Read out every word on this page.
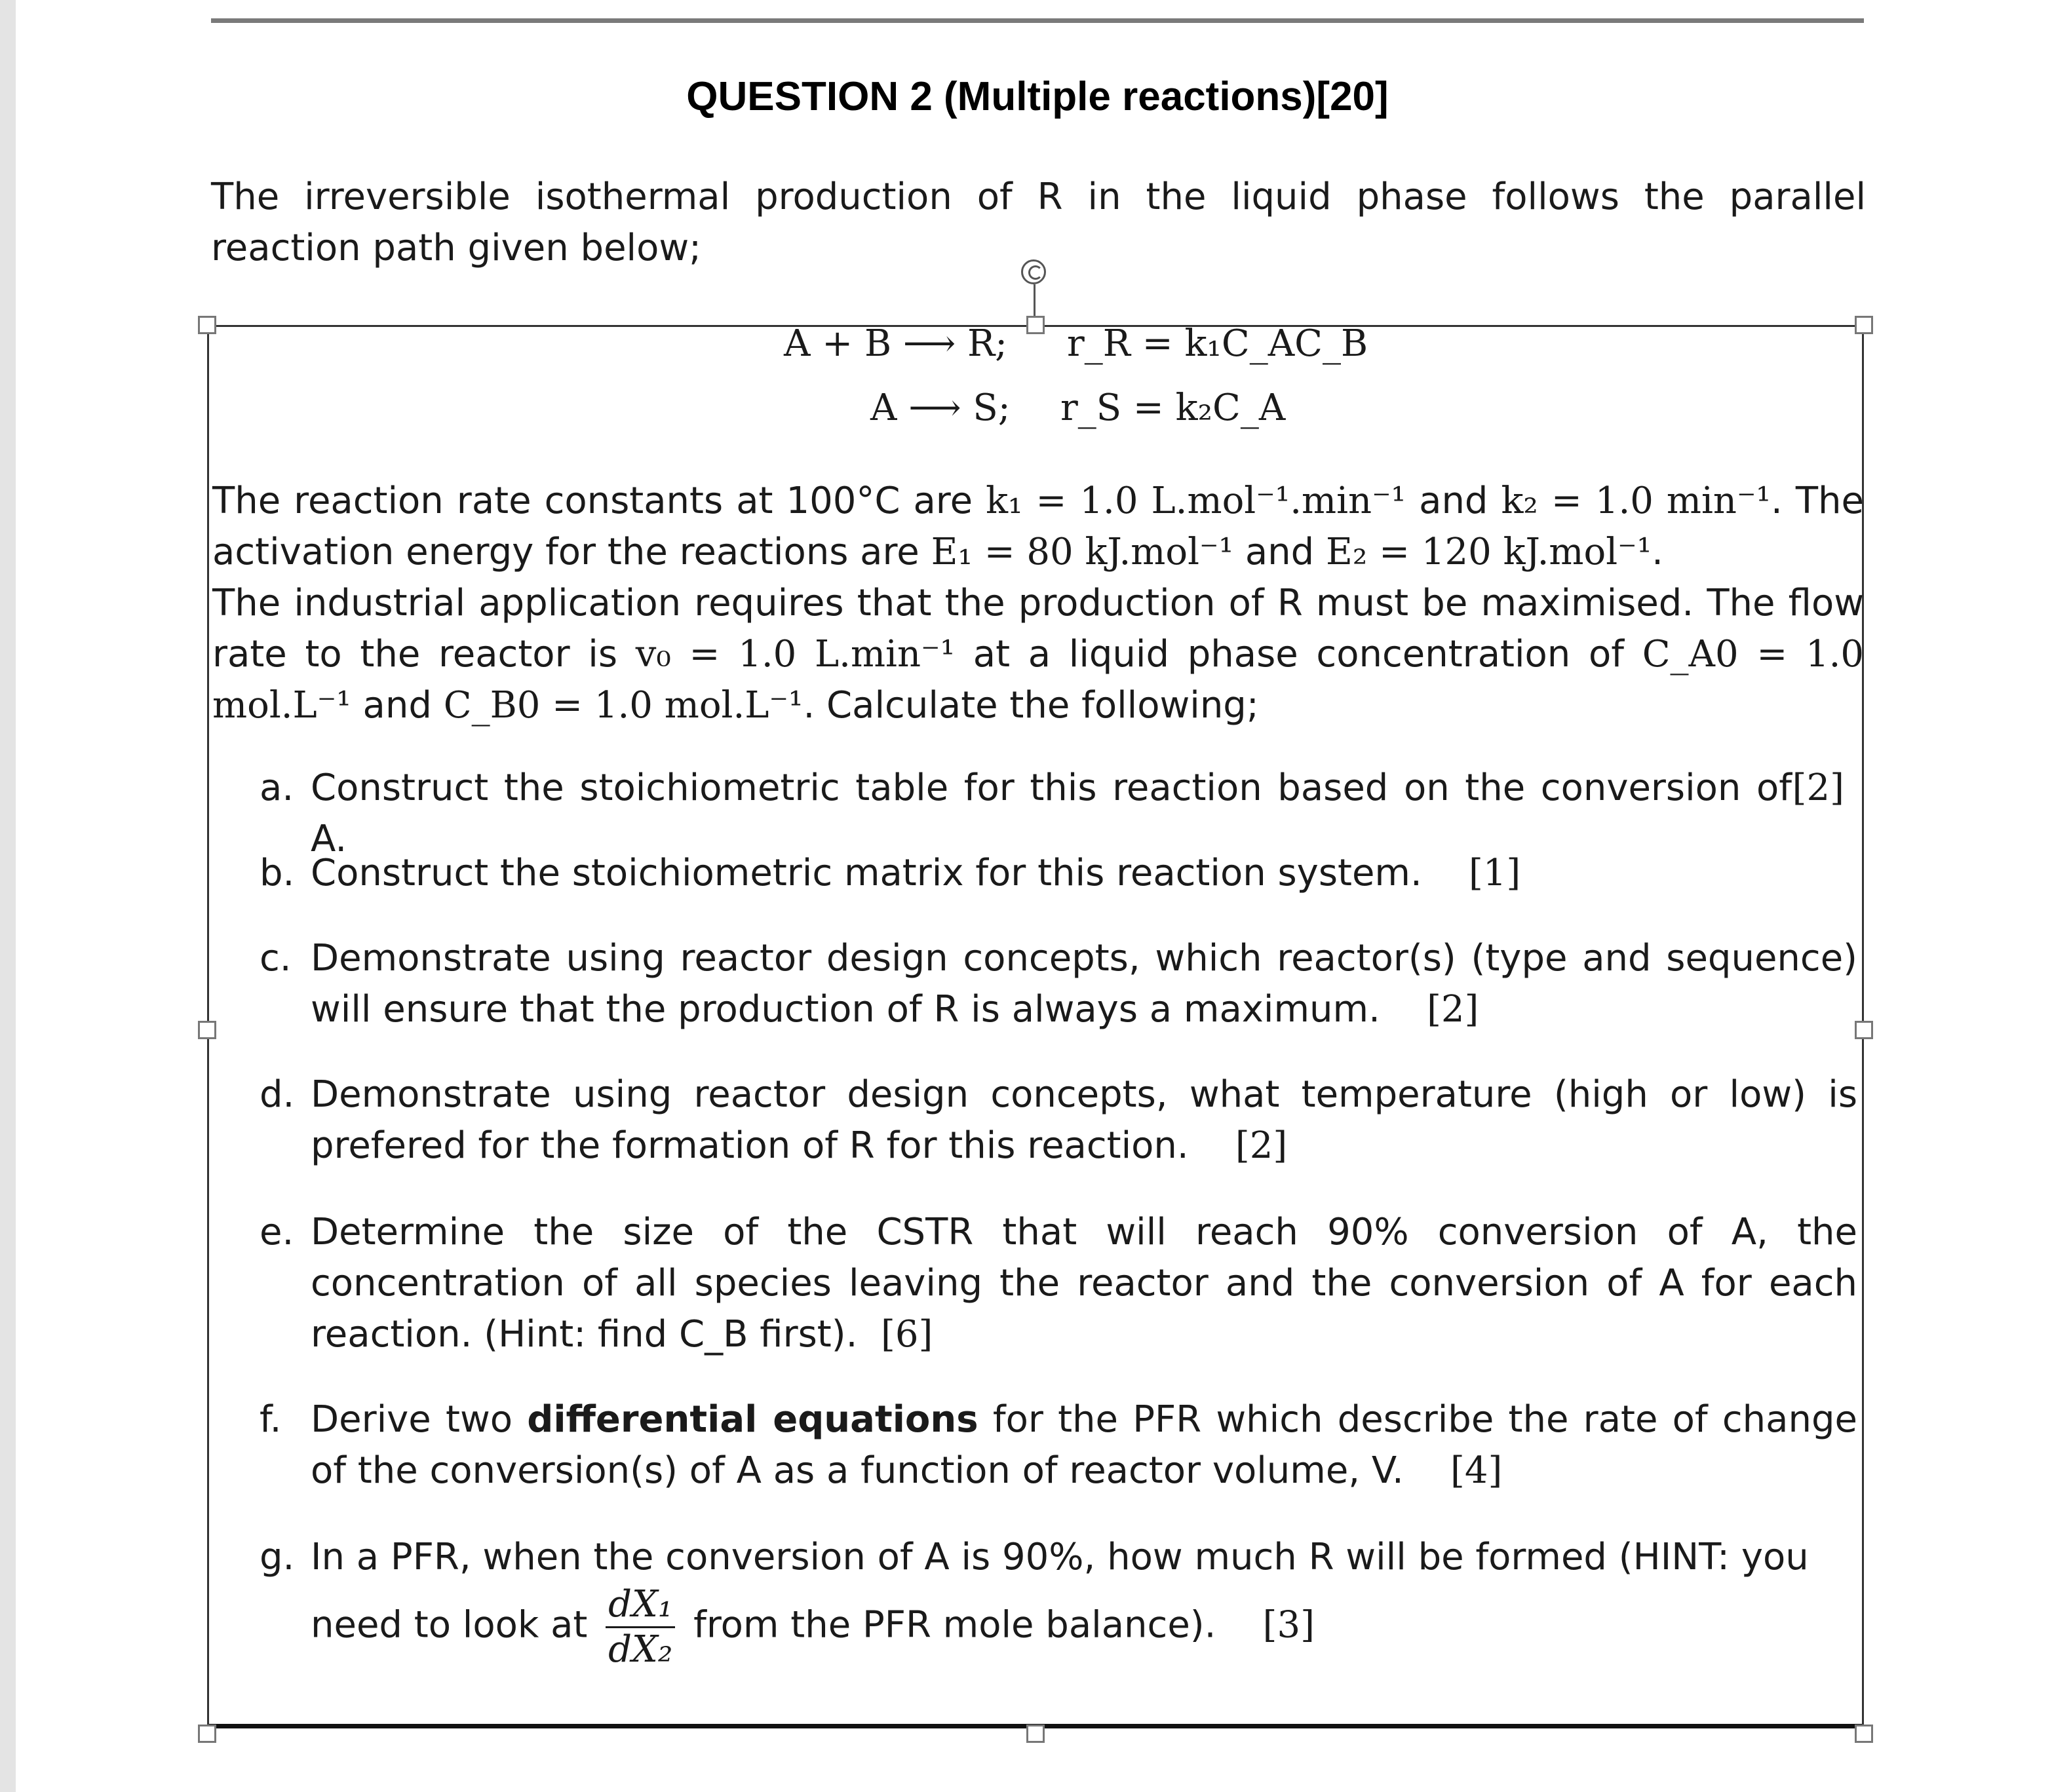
QUESTION 2 (Multiple reactions)[20]
The irreversible isothermal production of R in the liquid phase follows the parallel reaction path given below;
A + B ⟶ R; r_R = k₁C_AC_B
A ⟶ S; r_S = k₂C_A
The reaction rate constants at 100°C are k₁ = 1.0 L.mol⁻¹.min⁻¹ and k₂ = 1.0 min⁻¹. The activation energy for the reactions are E₁ = 80 kJ.mol⁻¹ and E₂ = 120 kJ.mol⁻¹.
The industrial application requires that the production of R must be maximised. The flow rate to the reactor is v₀ = 1.0 L.min⁻¹ at a liquid phase concentration of C_A0 = 1.0 mol.L⁻¹ and C_B0 = 1.0 mol.L⁻¹. Calculate the following;
a. Construct the stoichiometric table for this reaction based on the conversion of A.
[2]
b. Construct the stoichiometric matrix for this reaction system. [1]
c. Demonstrate using reactor design concepts, which reactor(s) (type and sequence) will ensure that the production of R is always a maximum. [2]
d. Demonstrate using reactor design concepts, what temperature (high or low) is prefered for the formation of R for this reaction. [2]
e. Determine the size of the CSTR that will reach 90% conversion of A, the concentration of all species leaving the reactor and the conversion of A for each reaction. (Hint: find C_B first). [6]
f. Derive two differential equations for the PFR which describe the rate of change of the conversion(s) of A as a function of reactor volume, V. [4]
g. In a PFR, when the conversion of A is 90%, how much R will be formed (HINT: you need to look at $\frac{\text{dX₁}}{\text{dX₂}}$ from the PFR mole balance). [3]
